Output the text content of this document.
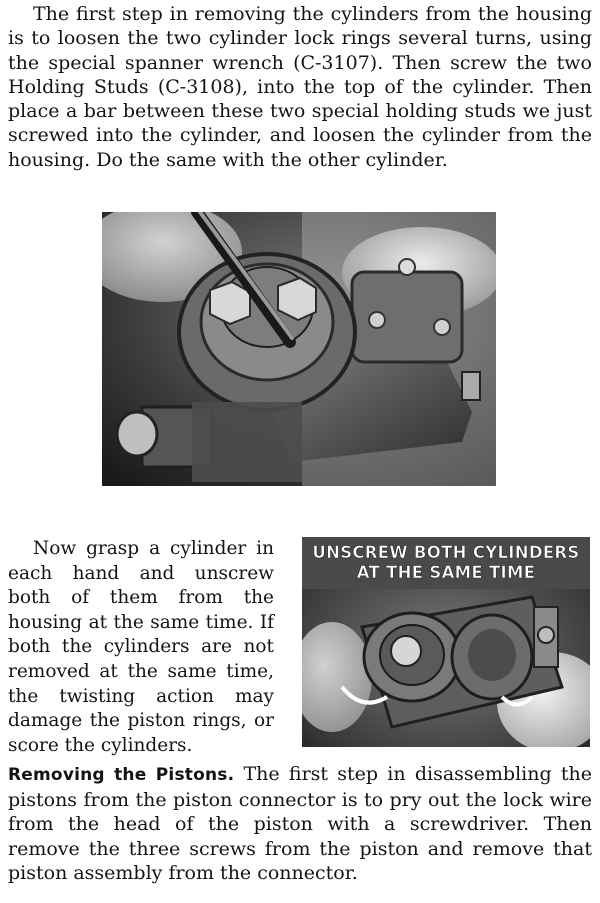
The first step in removing the cylinders from the housing is to loosen the two cylinder lock rings several turns, using the special spanner wrench (C-3107). Then screw the two Holding Studs (C-3108), into the top of the cylinder. Then place a bar between these two special holding studs we just screwed into the cylinder, and loosen the cylinder from the housing. Do the same with the other cylinder.

Now grasp a cylinder in each hand and unscrew both of them from the housing at the same time. If both the cylinders are not removed at the same time, the twisting action may damage the piston rings, or score the cylinders.

UNSCREW BOTH CYLINDERS
AT THE SAME TIME

Removing the Pistons. The first step in disassembling the pistons from the piston connector is to pry out the lock wire from the head of the piston with a screwdriver. Then remove the three screws from the piston and remove that piston assembly from the connector.
